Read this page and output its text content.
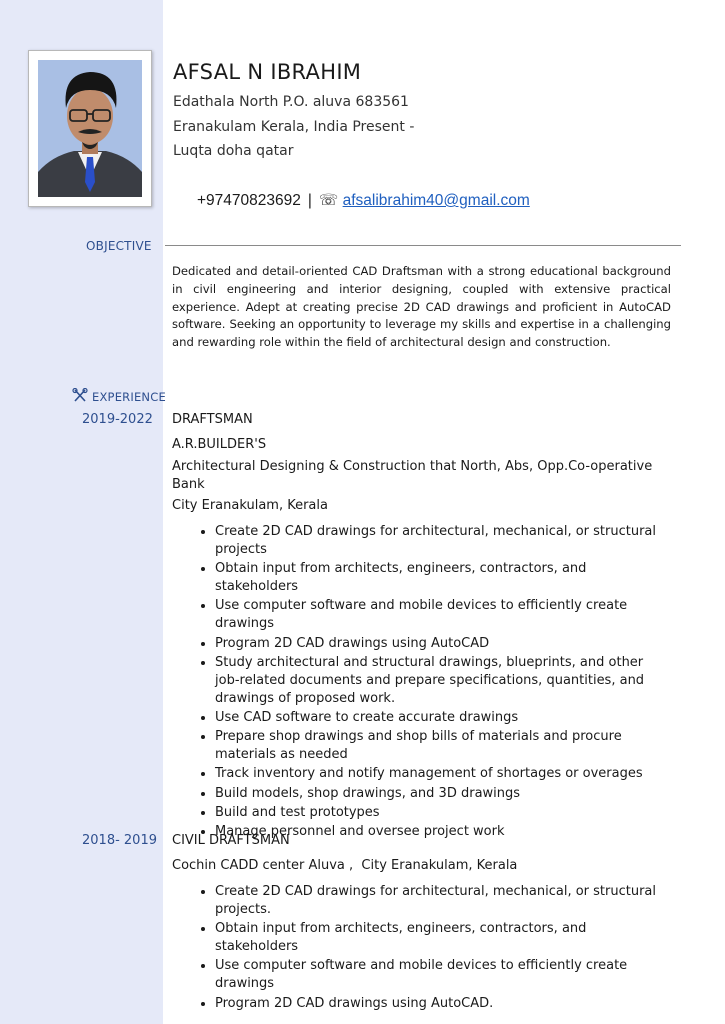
AFSAL N IBRAHIM
Edathala North P.O. aluva 683561
Eranakulam Kerala, India Present -
Luqta doha qatar
+97470823692 | ☏ afsalibrahim40@gmail.com
OBJECTIVE
Dedicated and detail-oriented CAD Draftsman with a strong educational background in civil engineering and interior designing, coupled with extensive practical experience. Adept at creating precise 2D CAD drawings and proficient in AutoCAD software. Seeking an opportunity to leverage my skills and expertise in a challenging and rewarding role within the field of architectural design and construction.
EXPERIENCE
2019-2022 DRAFTSMAN
A.R.BUILDER'S
Architectural Designing & Construction that North, Abs, Opp.Co-operative Bank
City Eranakulam, Kerala
• Create 2D CAD drawings for architectural, mechanical, or structural projects
• Obtain input from architects, engineers, contractors, and stakeholders
• Use computer software and mobile devices to efficiently create drawings
• Program 2D CAD drawings using AutoCAD
• Study architectural and structural drawings, blueprints, and other job-related documents and prepare specifications, quantities, and drawings of proposed work.
• Use CAD software to create accurate drawings
• Prepare shop drawings and shop bills of materials and procure materials as needed
• Track inventory and notify management of shortages or overages
• Build models, shop drawings, and 3D drawings
• Build and test prototypes
• Manage personnel and oversee project work
2018- 2019 CIVIL DRAFTSMAN
Cochin CADD center Aluva ,  City Eranakulam, Kerala
• Create 2D CAD drawings for architectural, mechanical, or structural projects.
• Obtain input from architects, engineers, contractors, and stakeholders
• Use computer software and mobile devices to efficiently create drawings
• Program 2D CAD drawings using AutoCAD.
